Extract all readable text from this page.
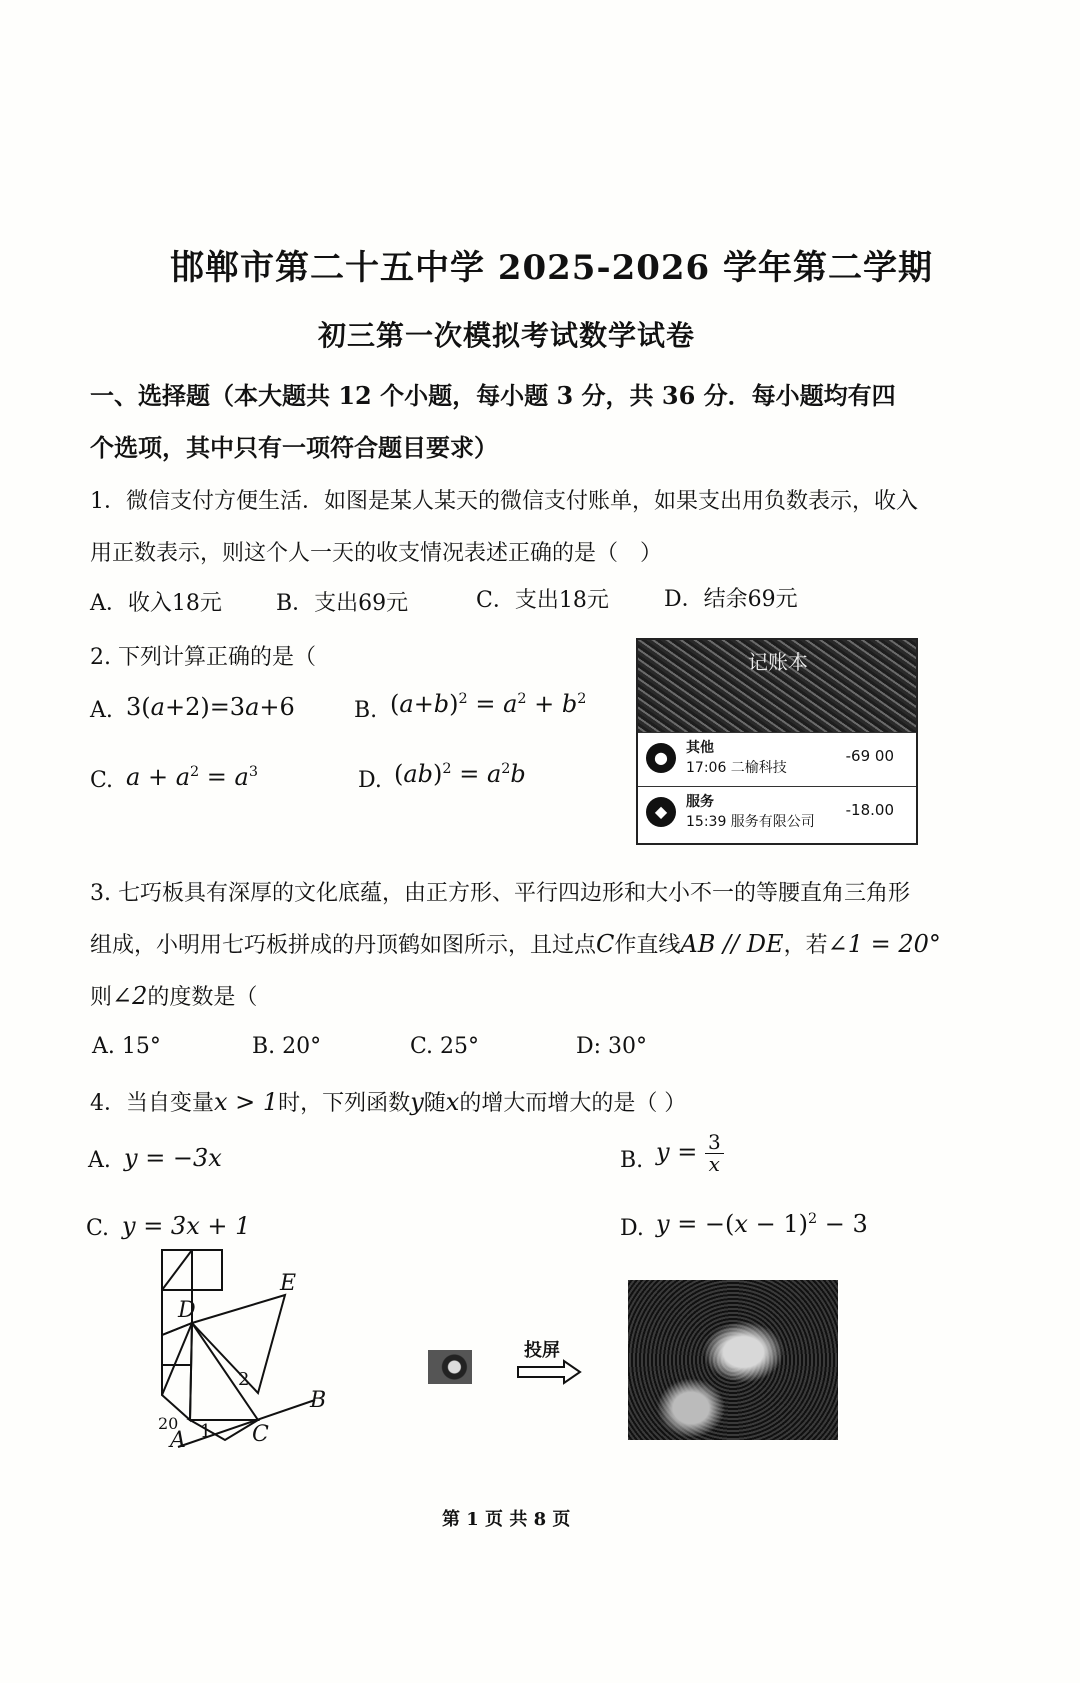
邯郸市第二十五中学 2025-2026 学年第二学期
初三第一次模拟考试数学试卷
一、选择题（本大题共 12 个小题，每小题 3 分，共 36 分．每小题均有四
个选项，其中只有一项符合题目要求）
1．微信支付方便生活．如图是某人某天的微信支付账单，如果支出用负数表示，收入
用正数表示，则这个人一天的收支情况表述正确的是（　）
A．收入18元 B．支出69元	C．支出18元	D．结余69元
2. 下列计算正确的是（
A. 3(a+2)=3a+6	B. $(a+b)^2 = a^2 + b^2$
C. $a + a^2 = a^3$	D. $(ab)^2 = a^2b$
记账本
●	其他
17:06 二榆科技
-69 00
◆	服务
15:39 服务有限公司
-18.00
3. 七巧板具有深厚的文化底蕴，由正方形、平行四边形和大小不一的等腰直角三角形
组成，小明用七巧板拼成的丹顶鹤如图所示，且过点C作直线AB // DE，若∠1 = 20°
则∠2的度数是（
A. 15°	B. 20°	C. 25°	D: 30°
4．当自变量x > 1时，下列函数y随x的增大而增大的是（ ）
A. y = −3x	B. $y = \frac{3}{x}$
C. y = 3x + 1	D. $y = -(x - 1)^2 - 3$
E
D
2
B
1 C
A
20
投屏
第 1 页 共 8 页
